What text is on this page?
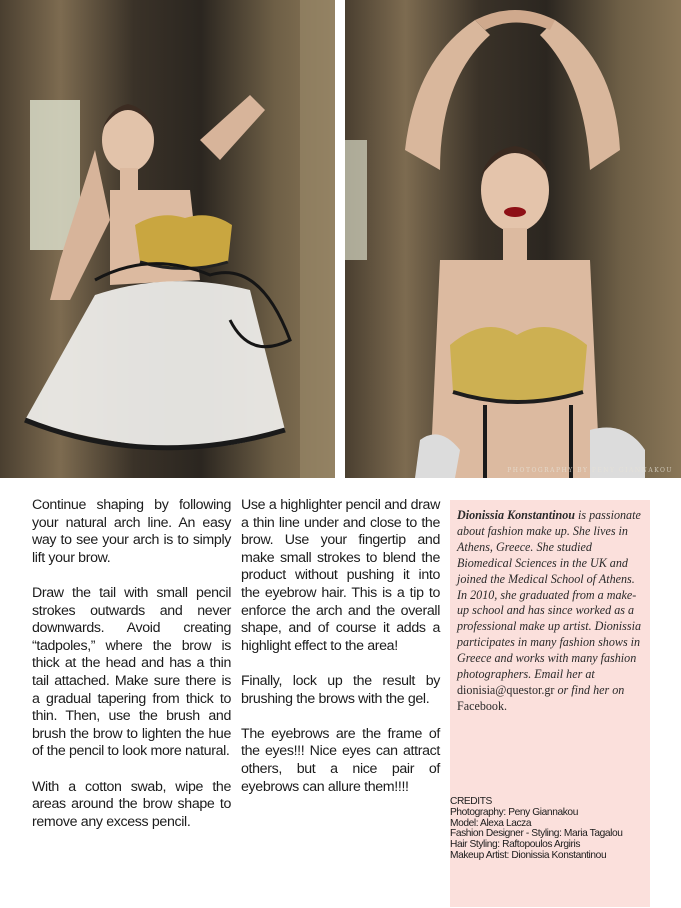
PHOTOGRAPHY BY PENY GIANNAKOU

Continue shaping by following your natural arch line. An easy way to see your arch is to simply lift your brow.

Draw the tail with small pencil strokes outwards and never downwards. Avoid creating “tadpoles,” where the brow is thick at the head and has a thin tail attached. Make sure there is a gradual tapering from thick to thin. Then, use the brush and brush the brow to lighten the hue of the pencil to look more natural.

With a cotton swab, wipe the areas around the brow shape to remove any excess pencil.

Use a highlighter pencil and draw a thin line under and close to the brow. Use your fingertip and make small strokes to blend the product without pushing it into the eyebrow hair. This is a tip to enforce the arch and the overall shape, and of course it adds a highlight effect to the area!

Finally, lock up the result by brushing the brows with the gel.

The eyebrows are the frame of the eyes!!! Nice eyes can attract others, but a nice pair of eyebrows can allure them!!!!

Dionissia Konstantinou is passionate about fashion make up. She lives in Athens, Greece. She studied Biomedical Sciences in the UK and joined the Medical School of Athens. In 2010, she graduated from a make-up school and has since worked as a professional make up artist. Dionissia participates in many fashion shows in Greece and works with many fashion photographers. Email her at dionisia@questor.gr or find her on Facebook.
CREDITS
Photography: Peny Giannakou
Model: Alexa Lacza
Fashion Designer - Styling: Maria Tagalou
Hair Styling: Raftopoulos Argiris
Makeup Artist: Dionissia Konstantinou
